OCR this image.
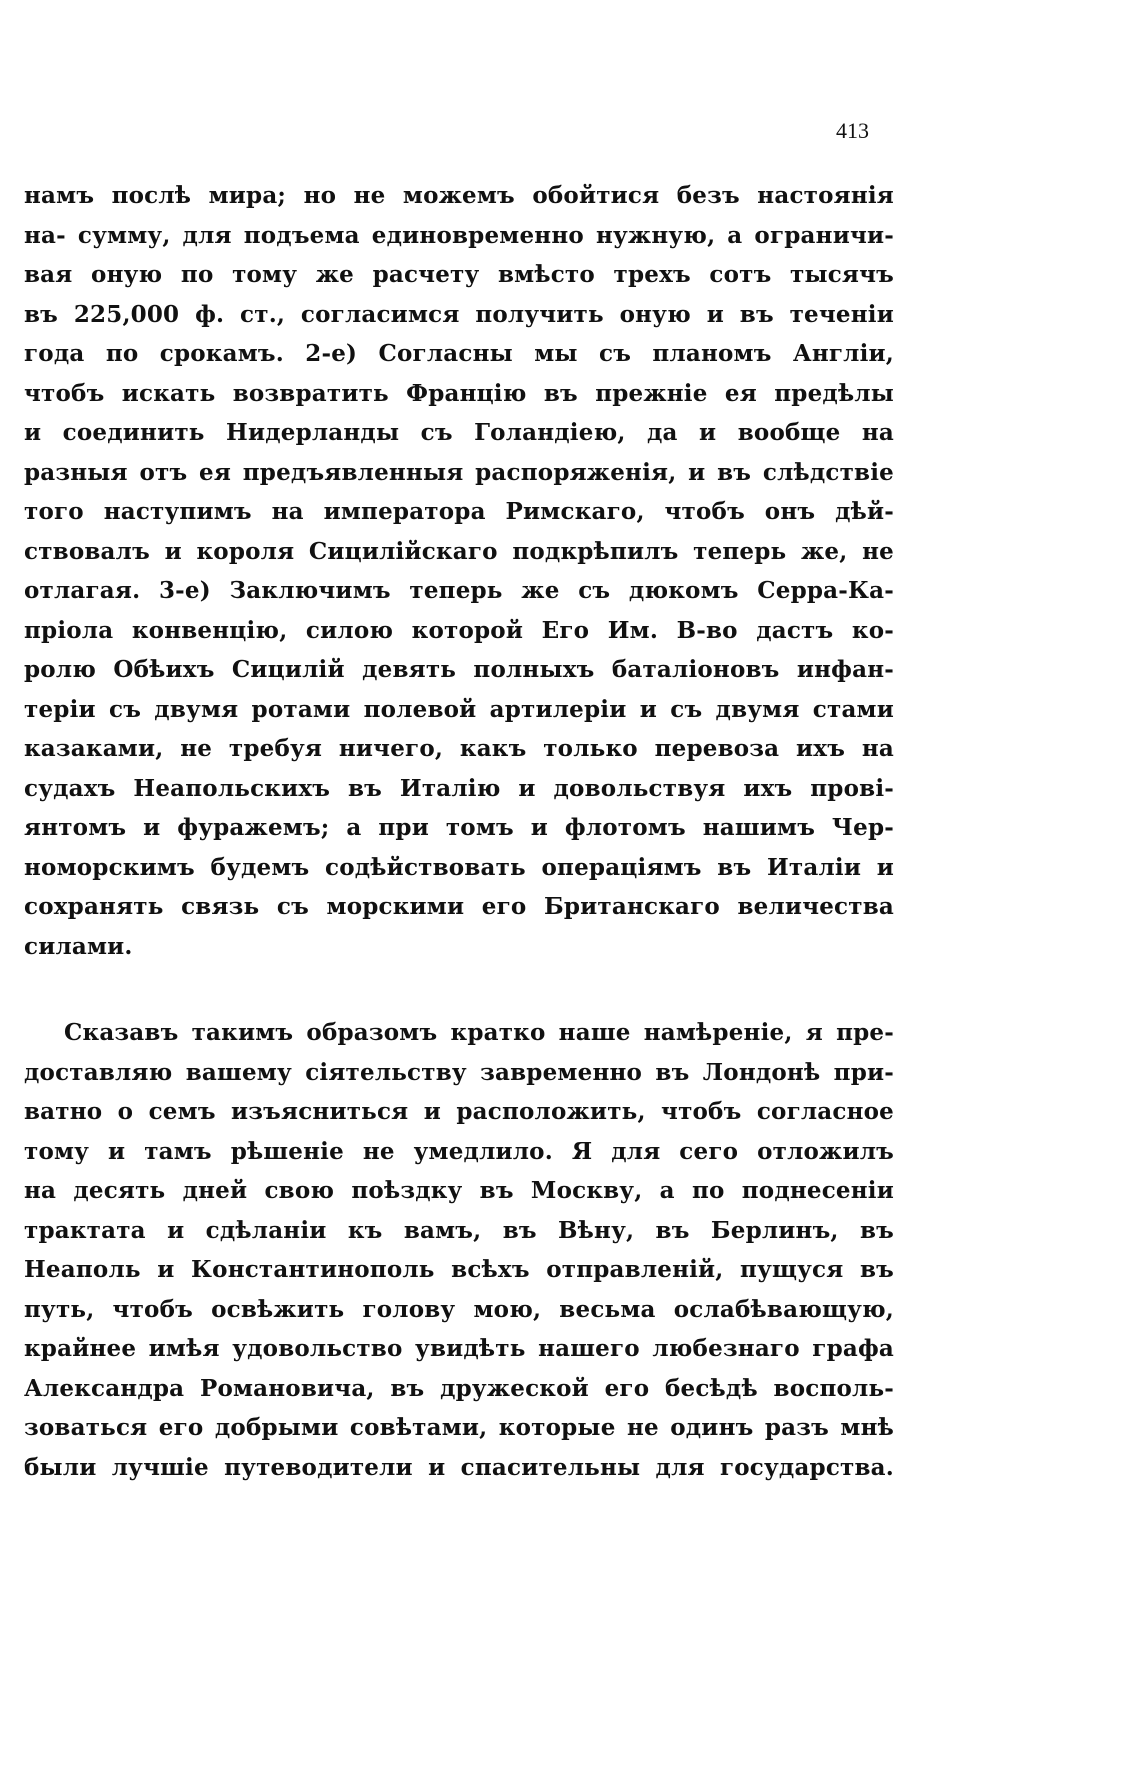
413
намъ послѣ мира; но не можемъ обойтися безъ настоянія
на- сумму, для подъема единовременно нужную, а ограничи-
вая оную по тому же расчету вмѣсто трехъ сотъ тысячъ
въ 225,000 ф. ст., согласимся получить оную и въ теченіи
года по срокамъ. 2-е) Согласны мы съ планомъ Англіи,
чтобъ искать возвратить Францію въ прежніе ея предѣлы
и соединить Нидерланды съ Голандіею, да и вообще на
разныя отъ ея предъявленныя распоряженія, и въ слѣдствіе
того наступимъ на императора Римскаго, чтобъ онъ дѣй-
ствовалъ и короля Сицилійскаго подкрѣпилъ теперь же, не
отлагая. 3-е) Заключимъ теперь же съ дюкомъ Серра-Ка-
пріола конвенцію, силою которой Его Им. В-во дастъ ко-
ролю Обѣихъ Сицилій девять полныхъ баталіоновъ инфан-
теріи съ двумя ротами полевой артилеріи и съ двумя стами
казаками, не требуя ничего, какъ только перевоза ихъ на
судахъ Неапольскихъ въ Италію и довольствуя ихъ прові-
янтомъ и фуражемъ; а при томъ и флотомъ нашимъ Чер-
номорскимъ будемъ содѣйствовать операціямъ въ Италіи и
сохранять связь съ морскими его Британскаго величества
силами.
Сказавъ такимъ образомъ кратко наше намѣреніе, я пре-
доставляю вашему сіятельству завременно въ Лондонѣ при-
ватно о семъ изъясниться и расположить, чтобъ согласное
тому и тамъ рѣшеніе не умедлило. Я для сего отложилъ
на десять дней свою поѣздку въ Москву, а по поднесеніи
трактата и сдѣланіи къ вамъ, въ Вѣну, въ Берлинъ, въ
Неаполь и Константинополь всѣхъ отправленій, пущуся въ
путь, чтобъ освѣжить голову мою, весьма ослабѣвающую,
крайнее имѣя удовольство увидѣть нашего любезнаго графа
Александра Романовича, въ дружеской его бесѣдѣ восполь-
зоваться его добрыми совѣтами, которые не одинъ разъ мнѣ
были лучшіе путеводители и спасительны для государства.
